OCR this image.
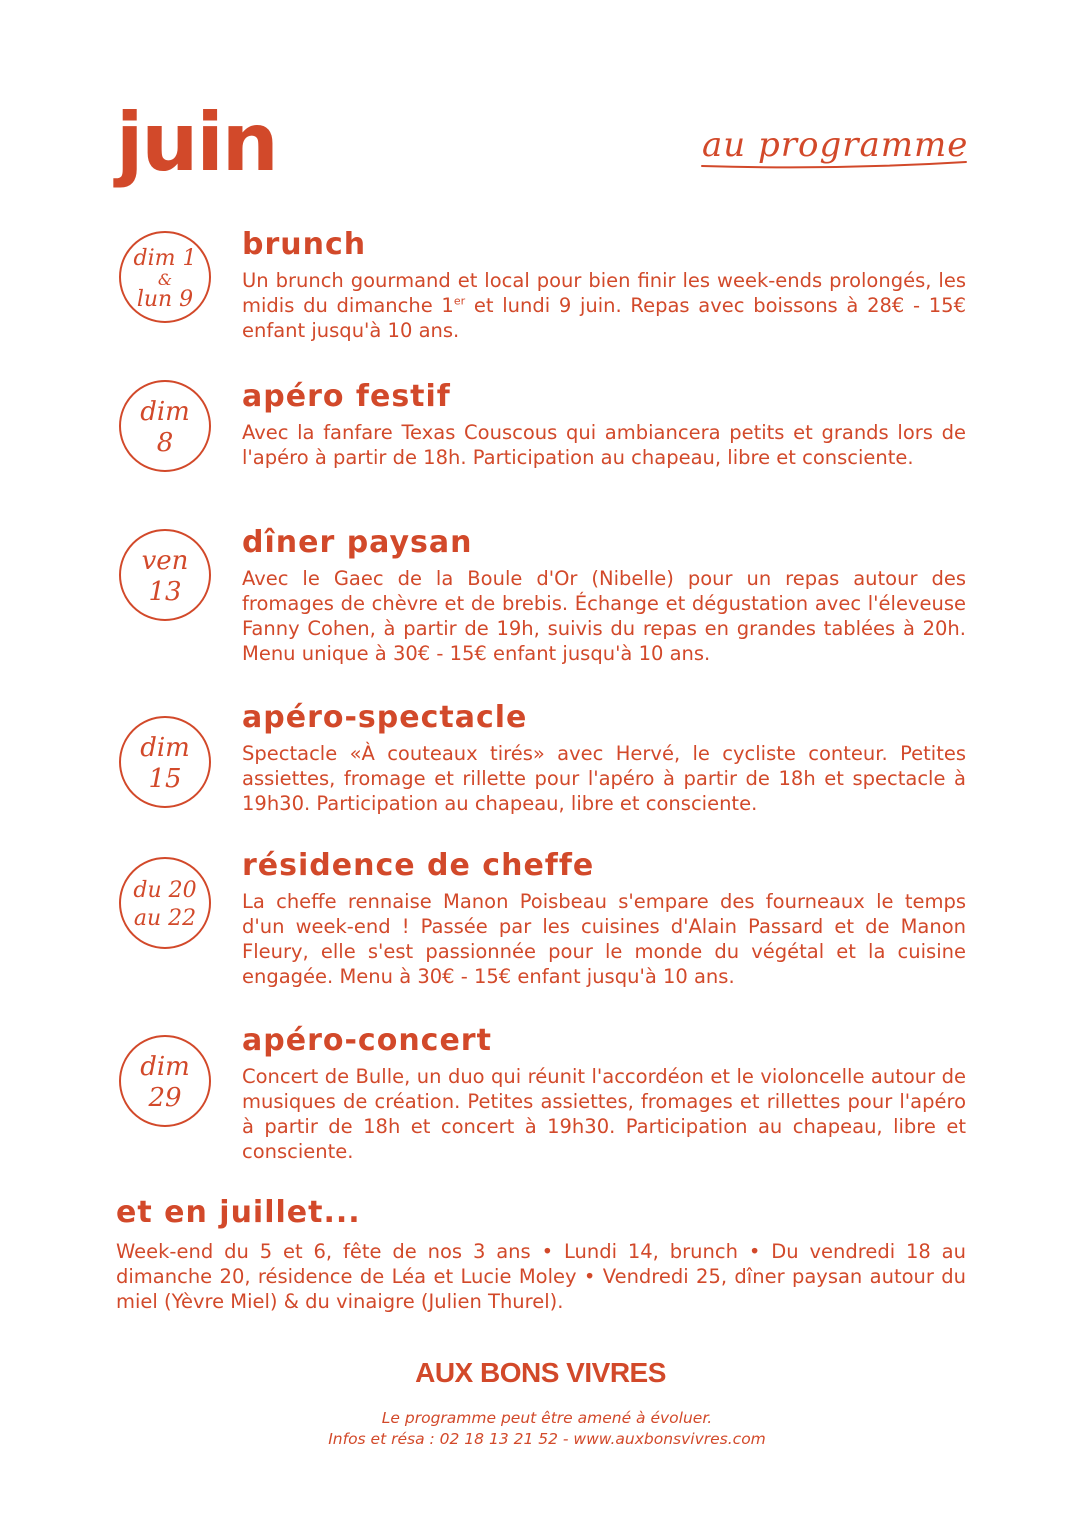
juin	au programme
dim 1
&
lun 9
brunch

Un brunch gourmand et local pour bien finir les week-ends prolongés, les midis du dimanche 1er et lundi 9 juin. Repas avec boissons à 28€ - 15€ enfant jusqu'à 10 ans.

dim
8
apéro festif

Avec la fanfare Texas Couscous qui ambiancera petits et grands lors de l'apéro à partir de 18h. Participation au chapeau, libre et consciente.

ven
13
dîner paysan

Avec le Gaec de la Boule d'Or (Nibelle) pour un repas autour des fromages de chèvre et de brebis. Échange et dégustation avec l'éleveuse Fanny Cohen, à partir de 19h, suivis du repas en grandes tablées à 20h. Menu unique à 30€ - 15€ enfant jusqu'à 10 ans.

dim
15
apéro-spectacle

Spectacle «À couteaux tirés» avec Hervé, le cycliste conteur. Petites assiettes, fromage et rillette pour l'apéro à partir de 18h et spectacle à 19h30. Participation au chapeau, libre et consciente.

du 20
au 22
résidence de cheffe

La cheffe rennaise Manon Poisbeau s'empare des fourneaux le temps d'un week-end ! Passée par les cuisines d'Alain Passard et de Manon Fleury, elle s'est passionnée pour le monde du végétal et la cuisine engagée. Menu à 30€ - 15€ enfant jusqu'à 10 ans.

dim
29
apéro-concert

Concert de Bulle, un duo qui réunit l'accordéon et le violoncelle autour de musiques de création. Petites assiettes, fromages et rillettes pour l'apéro à partir de 18h et concert à 19h30. Participation au chapeau, libre et consciente.

et en juillet...

Week-end du 5 et 6, fête de nos 3 ans • Lundi 14, brunch • Du vendredi 18 au dimanche 20, résidence de Léa et Lucie Moley • Vendredi 25, dîner paysan autour du miel (Yèvre Miel) & du vinaigre (Julien Thurel).

AUX BONS VIVRES

Le programme peut être amené à évoluer.

Infos et résa : 02 18 13 21 52 - www.auxbonsvivres.com
